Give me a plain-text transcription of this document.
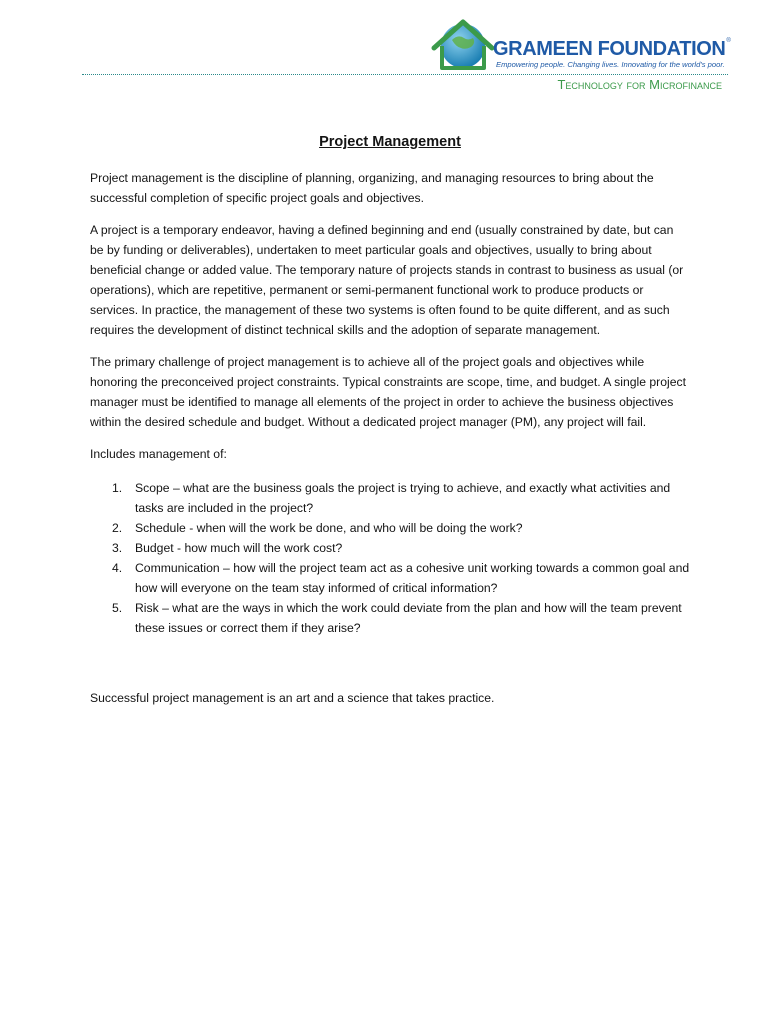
GRAMEEN FOUNDATION®
Empowering people. Changing lives. Innovating for the world's poor.
Technology for Microfinance
Project Management

Project management is the discipline of planning, organizing, and managing resources to bring about the successful completion of specific project goals and objectives.

A project is a temporary endeavor, having a defined beginning and end (usually constrained by date, but can be by funding or deliverables), undertaken to meet particular goals and objectives, usually to bring about beneficial change or added value. The temporary nature of projects stands in contrast to business as usual (or operations), which are repetitive, permanent or semi-permanent functional work to produce products or services. In practice, the management of these two systems is often found to be quite different, and as such requires the development of distinct technical skills and the adoption of separate management.

The primary challenge of project management is to achieve all of the project goals and objectives while honoring the preconceived project constraints. Typical constraints are scope, time, and budget. A single project manager must be identified to manage all elements of the project in order to achieve the business objectives within the desired schedule and budget. Without a dedicated project manager (PM), any project will fail.

Includes management of:

1. Scope – what are the business goals the project is trying to achieve, and exactly what activities and tasks are included in the project?
2. Schedule - when will the work be done, and who will be doing the work?
3. Budget - how much will the work cost?
4. Communication – how will the project team act as a cohesive unit working towards a common goal and how will everyone on the team stay informed of critical information?
5. Risk – what are the ways in which the work could deviate from the plan and how will the team prevent these issues or correct them if they arise?

Successful project management is an art and a science that takes practice.
